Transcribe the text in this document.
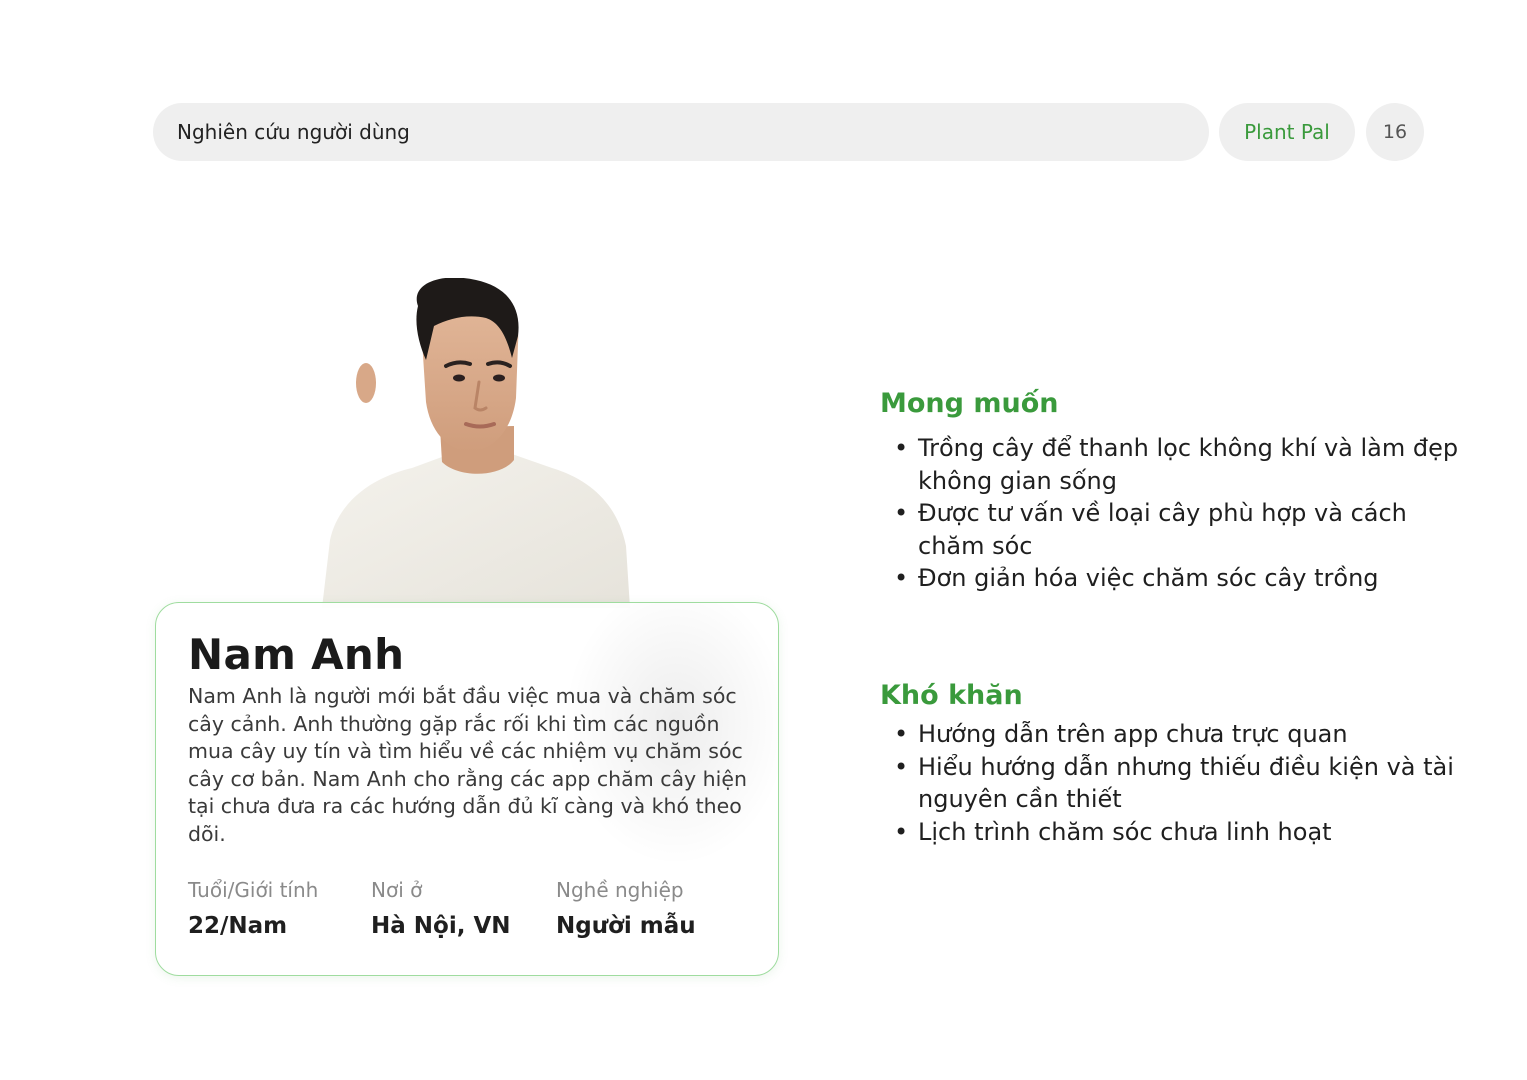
Nghiên cứu người dùng	Plant Pal	16
Nam Anh

Nam Anh là người mới bắt đầu việc mua và chăm sóc cây cảnh. Anh thường gặp rắc rối khi tìm các nguồn mua cây uy tín và tìm hiểu về các nhiệm vụ chăm sóc cây cơ bản. Nam Anh cho rằng các app chăm cây hiện tại chưa đưa ra các hướng dẫn đủ kĩ càng và khó theo dõi.

Tuổi/Giới tính
22/Nam
Nơi ở
Hà Nội, VN
Nghề nghiệp
Người mẫu
Mong muốn
• Trồng cây để thanh lọc không khí và làm đẹp không gian sống
• Được tư vấn về loại cây phù hợp và cách chăm sóc
• Đơn giản hóa việc chăm sóc cây trồng
Khó khăn
• Hướng dẫn trên app chưa trực quan
• Hiểu hướng dẫn nhưng thiếu điều kiện và tài nguyên cần thiết
• Lịch trình chăm sóc chưa linh hoạt
